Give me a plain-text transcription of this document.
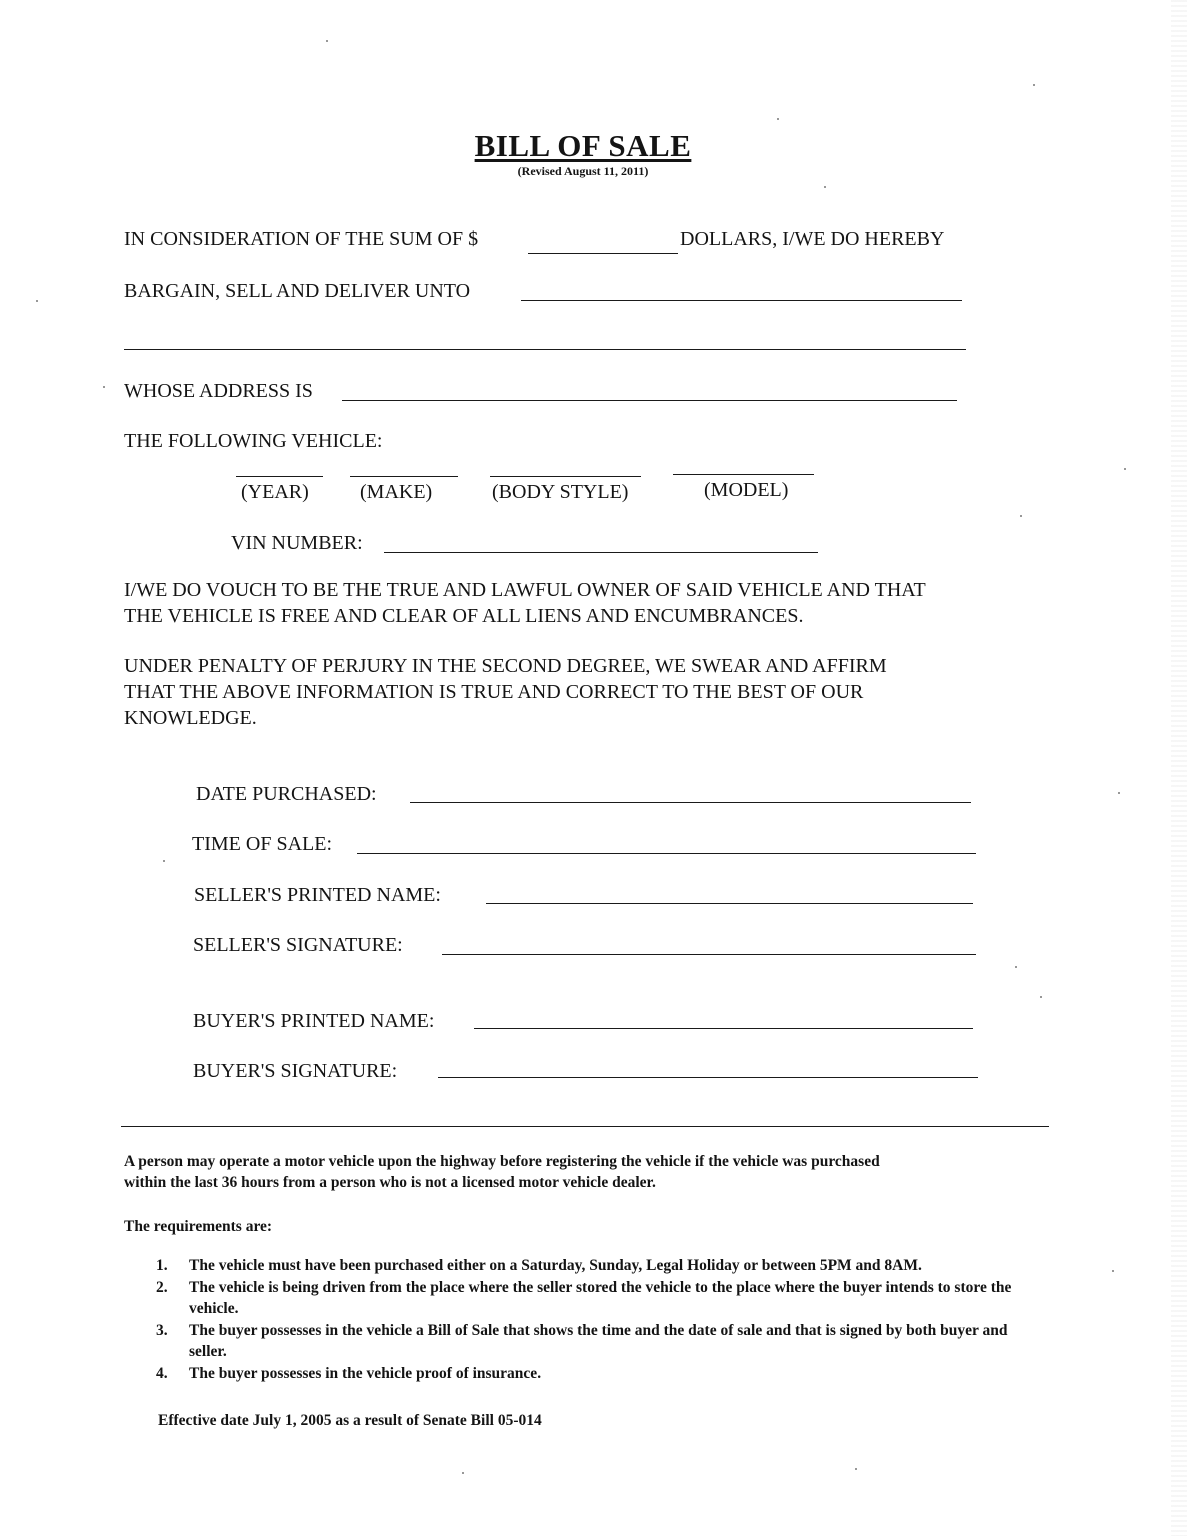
BILL OF SALE
(Revised August 11, 2011)
IN CONSIDERATION OF THE SUM OF $	DOLLARS, I/WE DO HEREBY
BARGAIN, SELL AND DELIVER UNTO
WHOSE ADDRESS IS
THE FOLLOWING VEHICLE:
(YEAR)	(MAKE)	(BODY STYLE)	(MODEL)
VIN NUMBER:
I/WE DO VOUCH TO BE THE TRUE AND LAWFUL OWNER OF SAID VEHICLE AND THAT
THE VEHICLE IS FREE AND CLEAR OF ALL LIENS AND ENCUMBRANCES.
UNDER PENALTY OF PERJURY IN THE SECOND DEGREE, WE SWEAR AND AFFIRM
THAT THE ABOVE INFORMATION IS TRUE AND CORRECT TO THE BEST OF OUR
KNOWLEDGE.
DATE PURCHASED:
TIME OF SALE:
SELLER'S PRINTED NAME:
SELLER'S SIGNATURE:
BUYER'S PRINTED NAME:
BUYER'S SIGNATURE:
A person may operate a motor vehicle upon the highway before registering the vehicle if the vehicle was purchased
within the last 36 hours from a person who is not a licensed motor vehicle dealer.
The requirements are:
1.	The vehicle must have been purchased either on a Saturday, Sunday, Legal Holiday or between 5PM and 8AM.
2.	The vehicle is being driven from the place where the seller stored the vehicle to the place where the buyer intends to store the vehicle.
3.	The buyer possesses in the vehicle a Bill of Sale that shows the time and the date of sale and that is signed by both buyer and seller.
4.	The buyer possesses in the vehicle proof of insurance.
Effective date July 1, 2005 as a result of Senate Bill 05-014
